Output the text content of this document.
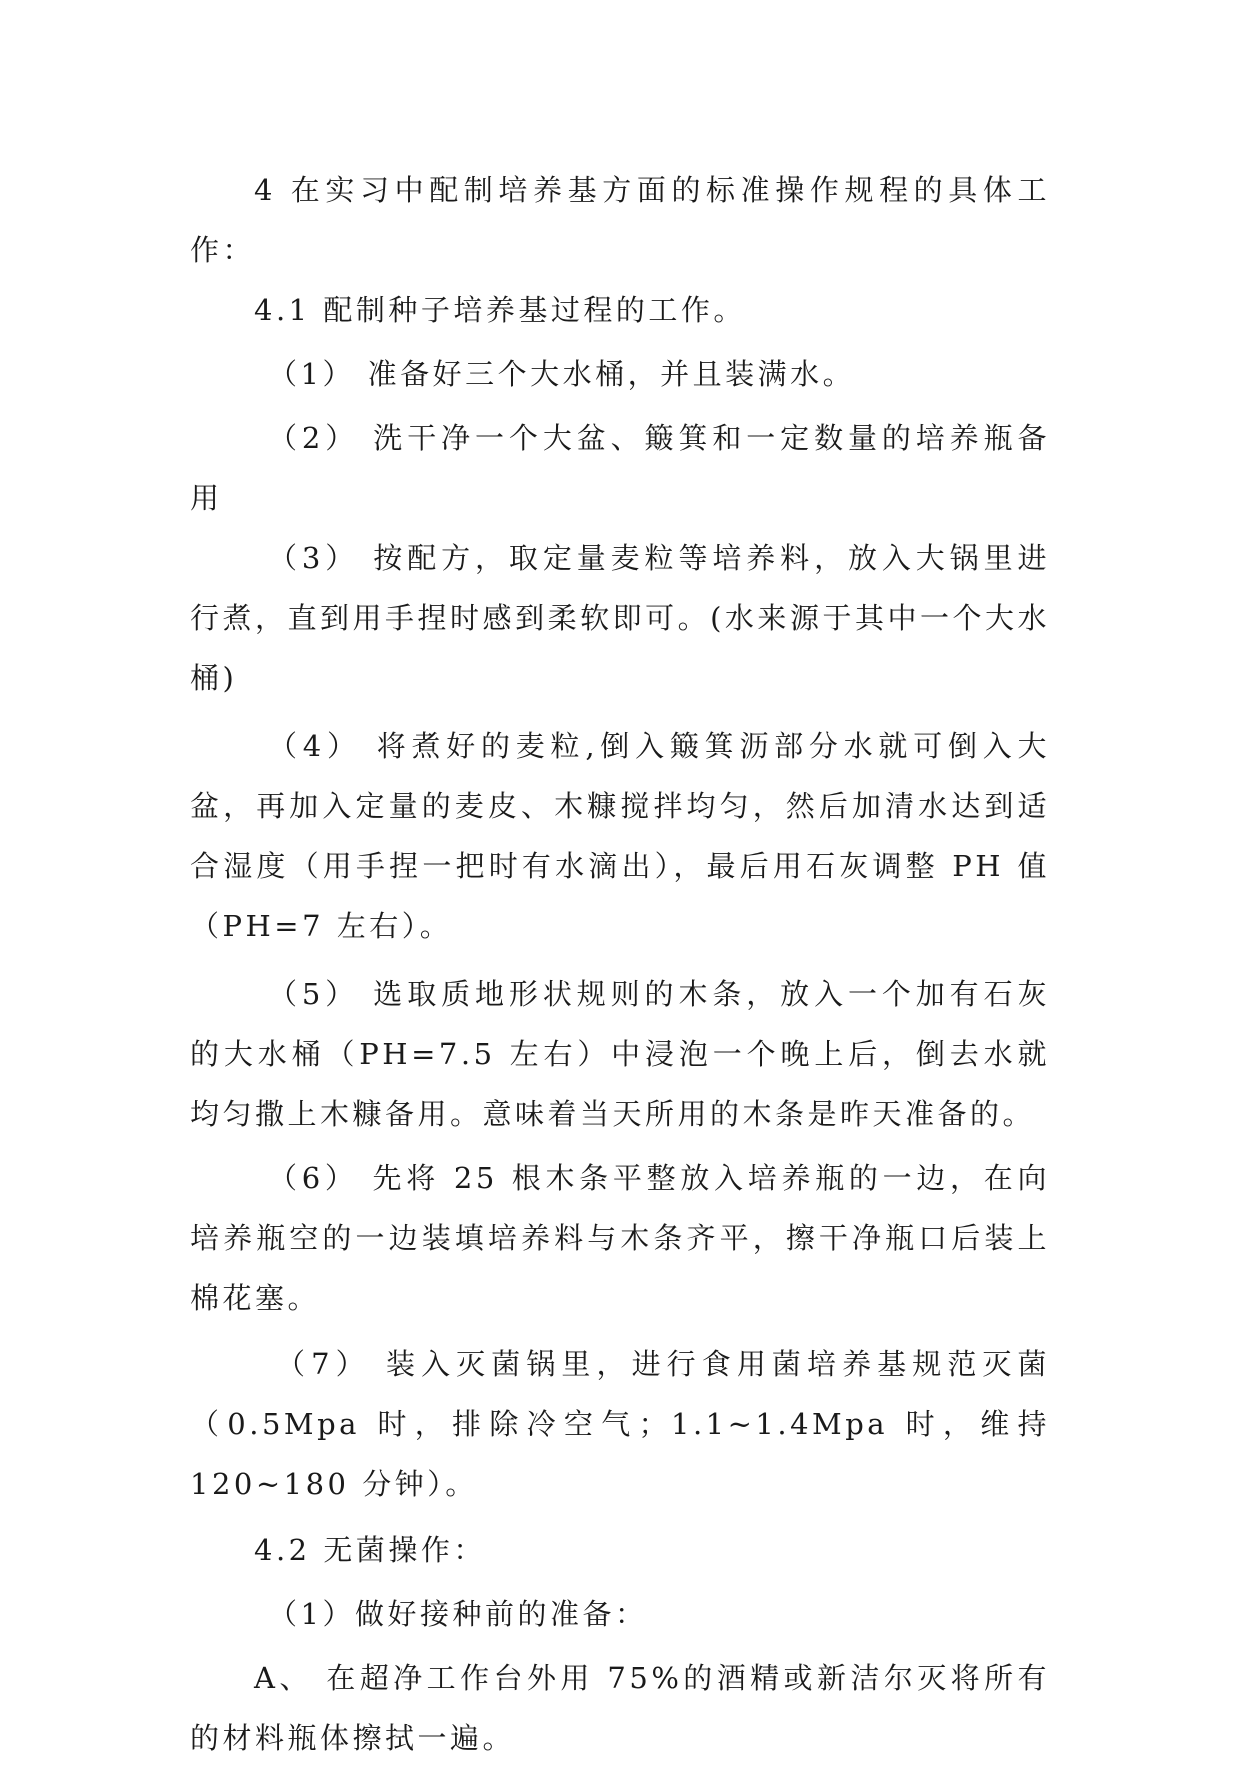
4 在实习中配制培养基方面的标准操作规程的具体工作：

4.1 配制种子培养基过程的工作。

（1） 准备好三个大水桶，并且装满水。

（2） 洗干净一个大盆、簸箕和一定数量的培养瓶备用

（3） 按配方，取定量麦粒等培养料，放入大锅里进行煮，直到用手捏时感到柔软即可。(水来源于其中一个大水桶)

（4） 将煮好的麦粒,倒入簸箕沥部分水就可倒入大盆，再加入定量的麦皮、木糠搅拌均匀，然后加清水达到适合湿度（用手捏一把时有水滴出），最后用石灰调整 PH 值（PH=7 左右）。

（5） 选取质地形状规则的木条，放入一个加有石灰的大水桶（PH=7.5 左右）中浸泡一个晚上后，倒去水就均匀撒上木糠备用。意味着当天所用的木条是昨天准备的。

（6） 先将 25 根木条平整放入培养瓶的一边，在向培养瓶空的一边装填培养料与木条齐平，擦干净瓶口后装上棉花塞。

（7） 装入灭菌锅里，进行食用菌培养基规范灭菌（0.5Mpa 时，排除冷空气；1.1~1.4Mpa 时，维持 120~180 分钟）。

4.2 无菌操作：

（1）做好接种前的准备：

A、 在超净工作台外用 75%的酒精或新洁尔灭将所有的材料瓶体擦拭一遍。
